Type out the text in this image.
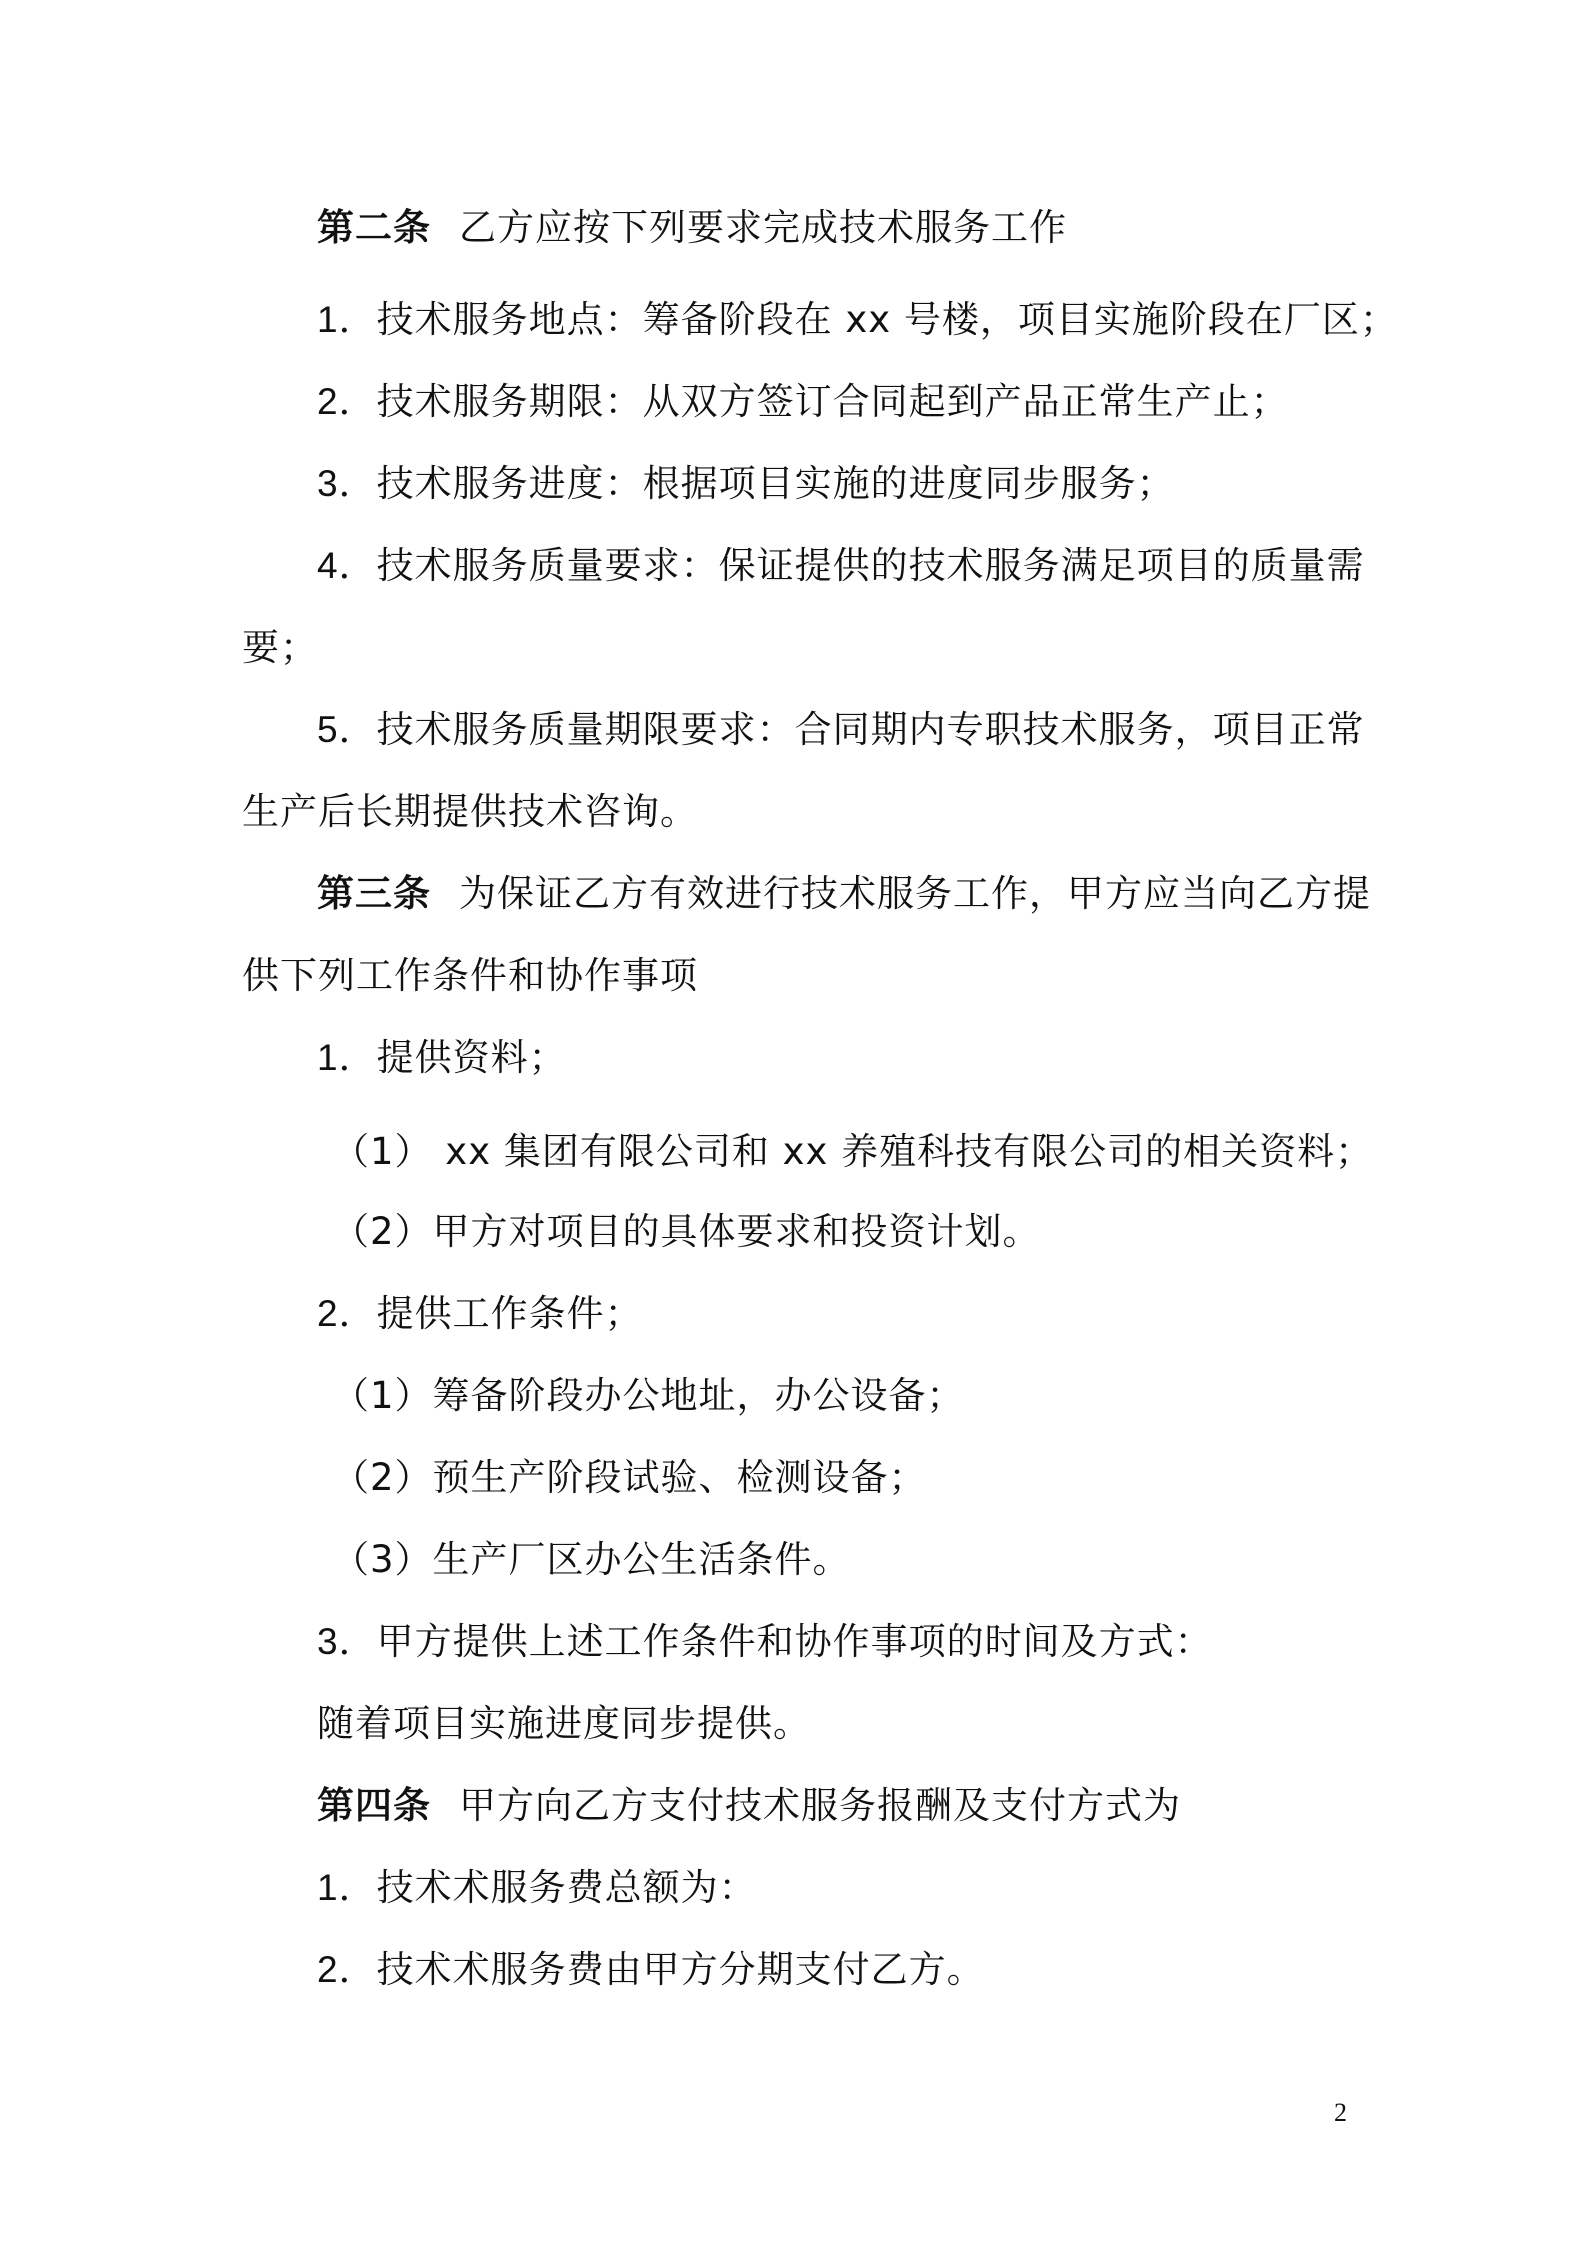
第二条 乙方应按下列要求完成技术服务工作
1．技术服务地点：筹备阶段在 xx 号楼，项目实施阶段在厂区；
2．技术服务期限：从双方签订合同起到产品正常生产止；
3．技术服务进度：根据项目实施的进度同步服务；
4．技术服务质量要求：保证提供的技术服务满足项目的质量需
要；
5．技术服务质量期限要求：合同期内专职技术服务，项目正常
生产后长期提供技术咨询。
第三条 为保证乙方有效进行技术服务工作，甲方应当向乙方提
供下列工作条件和协作事项
1．提供资料；
（1） xx 集团有限公司和 xx 养殖科技有限公司的相关资料；
（2）甲方对项目的具体要求和投资计划。
2．提供工作条件；
（1）筹备阶段办公地址，办公设备；
（2）预生产阶段试验、检测设备；
（3）生产厂区办公生活条件。
3．甲方提供上述工作条件和协作事项的时间及方式：
随着项目实施进度同步提供。
第四条 甲方向乙方支付技术服务报酬及支付方式为
1．技术术服务费总额为：
2．技术术服务费由甲方分期支付乙方。
2
